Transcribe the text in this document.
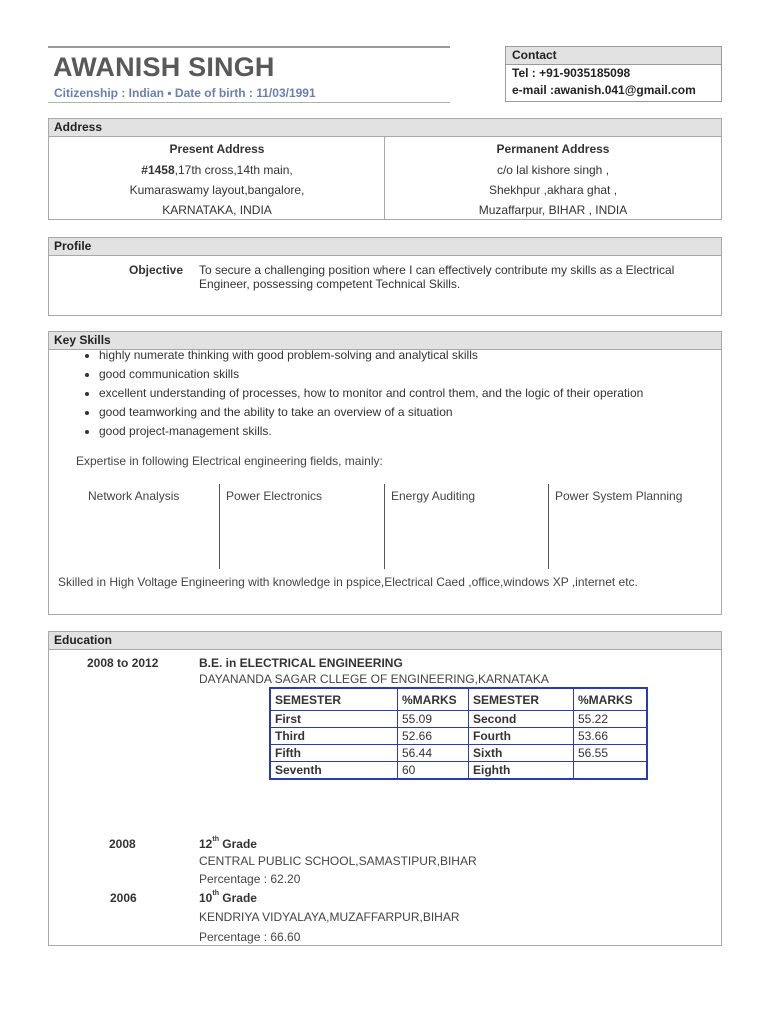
AWANISH SINGH
Citizenship : Indian ▪ Date of birth : 11/03/1991
Contact
Tel : +91-9035185098
e-mail :awanish.041@gmail.com
Address
Present Address
#1458,17th cross,14th main,
Kumaraswamy layout,bangalore,
KARNATAKA, INDIA
Permanent Address
c/o lal kishore singh ,
Shekhpur ,akhara ghat ,
Muzaffarpur, BIHAR , INDIA
Profile
Objective To secure a challenging position where I can effectively contribute my skills as a Electrical Engineer, possessing competent Technical Skills.
Key Skills
• highly numerate thinking with good problem-solving and analytical skills
• good communication skills
• excellent understanding of processes, how to monitor and control them, and the logic of their operation
• good teamworking and the ability to take an overview of a situation
• good project-management skills.
Expertise in following Electrical engineering fields, mainly:
Network Analysis	Power Electronics	Energy Auditing	Power System Planning
Skilled in High Voltage Engineering with knowledge in pspice,Electrical Caed ,office,windows XP ,internet etc.
Education
2008 to 2012	B.E. in ELECTRICAL ENGINEERING
DAYANANDA SAGAR CLLEGE OF ENGINEERING,KARNATAKA
SEMESTER	%MARKS	SEMESTER	%MARKS
First	55.09	Second	55.22
Third	52.66	Fourth	53.66
Fifth	56.44	Sixth	56.55
Seventh	60	Eighth	
2008	12th Grade
CENTRAL PUBLIC SCHOOL,SAMASTIPUR,BIHAR
Percentage : 62.20
2006	10th Grade
KENDRIYA VIDYALAYA,MUZAFFARPUR,BIHAR
Percentage : 66.60
